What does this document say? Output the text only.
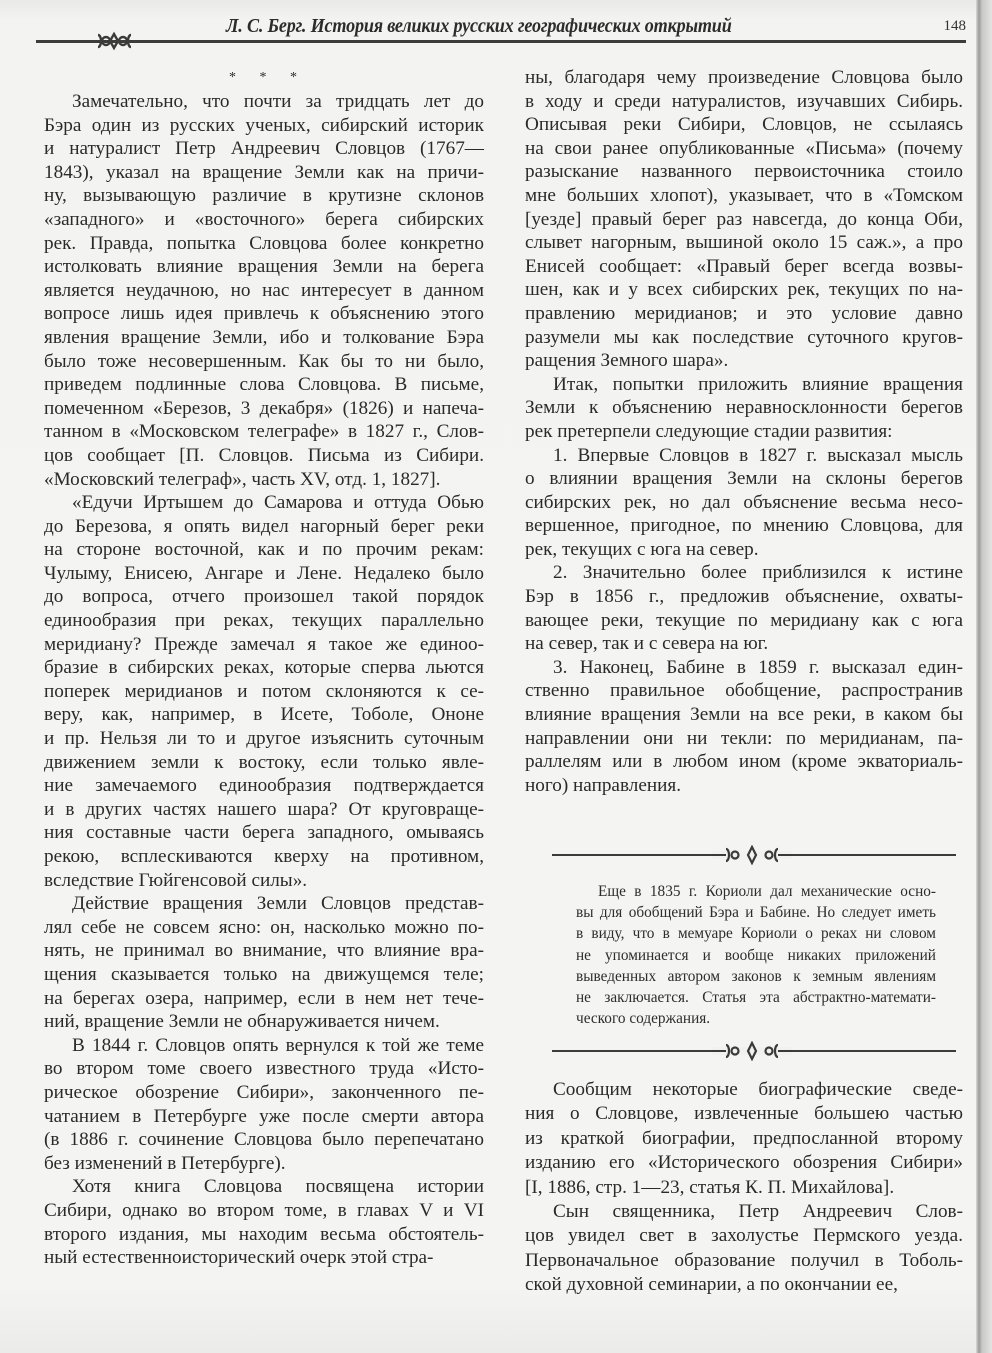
Л. С. Берг. История великих русских географических открытий	148
* * *
Замечательно, что почти за тридцать лет до
Бэра один из русских ученых, сибирский историк
и натуралист Петр Андреевич Словцов (1767—
1843), указал на вращение Земли как на причи-
ну, вызывающую различие в крутизне склонов
«западного» и «восточного» берега сибирских
рек. Правда, попытка Словцова более конкретно
истолковать влияние вращения Земли на берега
является неудачною, но нас интересует в данном
вопросе лишь идея привлечь к объяснению этого
явления вращение Земли, ибо и толкование Бэра
было тоже несовершенным. Как бы то ни было,
приведем подлинные слова Словцова. В письме,
помеченном «Березов, 3 декабря» (1826) и напеча-
танном в «Московском телеграфе» в 1827 г., Слов-
цов сообщает [П. Словцов. Письма из Сибири.
«Московский телеграф», часть XV, отд. 1, 1827].
«Едучи Иртышем до Самарова и оттуда Обью
до Березова, я опять видел нагорный берег реки
на стороне восточной, как и по прочим рекам:
Чулыму, Енисею, Ангаре и Лене. Недалеко было
до вопроса, отчего произошел такой порядок
единообразия при реках, текущих параллельно
меридиану? Прежде замечал я такое же единоо-
бразие в сибирских реках, которые сперва льются
поперек меридианов и потом склоняются к се-
веру, как, например, в Исете, Тоболе, Ононе
и пр. Нельзя ли то и другое изъяснить суточным
движением земли к востоку, если только явле-
ние замечаемого единообразия подтверждается
и в других частях нашего шара? От круговраще-
ния составные части берега западного, омываясь
рекою, всплескиваются кверху на противном,
вследствие Гюйгенсовой силы».
Действие вращения Земли Словцов представ-
лял себе не совсем ясно: он, насколько можно по-
нять, не принимал во внимание, что влияние вра-
щения сказывается только на движущемся теле;
на берегах озера, например, если в нем нет тече-
ний, вращение Земли не обнаруживается ничем.
В 1844 г. Словцов опять вернулся к той же теме
во втором томе своего известного труда «Исто-
рическое обозрение Сибири», законченного пе-
чатанием в Петербурге уже после смерти автора
(в 1886 г. сочинение Словцова было перепечатано
без изменений в Петербурге).
Хотя книга Словцова посвящена истории
Сибири, однако во втором томе, в главах V и VI
второго издания, мы находим весьма обстоятель-
ный естественноисторический очерк этой стра-
ны, благодаря чему произведение Словцова было
в ходу и среди натуралистов, изучавших Сибирь.
Описывая реки Сибири, Словцов, не ссылаясь
на свои ранее опубликованные «Письма» (почему
разыскание названного первоисточника стоило
мне больших хлопот), указывает, что в «Томском
[уезде] правый берег раз навсегда, до конца Оби,
слывет нагорным, вышиной около 15 саж.», а про
Енисей сообщает: «Правый берег всегда возвы-
шен, как и у всех сибирских рек, текущих по на-
правлению меридианов; и это условие давно
разумели мы как последствие суточного кругов-
ращения Земного шара».
Итак, попытки приложить влияние вращения
Земли к объяснению неравносклонности берегов
рек претерпели следующие стадии развития:
1. Впервые Словцов в 1827 г. высказал мысль
о влиянии вращения Земли на склоны берегов
сибирских рек, но дал объяснение весьма несо-
вершенное, пригодное, по мнению Словцова, для
рек, текущих с юга на север.
2. Значительно более приблизился к истине
Бэр в 1856 г., предложив объяснение, охваты-
вающее реки, текущие по меридиану как с юга
на север, так и с севера на юг.
3. Наконец, Бабине в 1859 г. высказал един-
ственно правильное обобщение, распространив
влияние вращения Земли на все реки, в каком бы
направлении они ни текли: по меридианам, па-
раллелям или в любом ином (кроме экваториаль-
ного) направления.
Еще в 1835 г. Кориоли дал механические осно-
вы для обобщений Бэра и Бабине. Но следует иметь
в виду, что в мемуаре Кориоли о реках ни словом
не упоминается и вообще никаких приложений
выведенных автором законов к земным явлениям
не заключается. Статья эта абстрактно-математи-
ческого содержания.
Сообщим некоторые биографические сведе-
ния о Словцове, извлеченные большею частью
из краткой биографии, предпосланной второму
изданию его «Исторического обозрения Сибири»
[I, 1886, стр. 1—23, статья К. П. Михайлова].
Сын священника, Петр Андреевич Слов-
цов увидел свет в захолустье Пермского уезда.
Первоначальное образование получил в Тоболь-
ской духовной семинарии, а по окончании ее,
